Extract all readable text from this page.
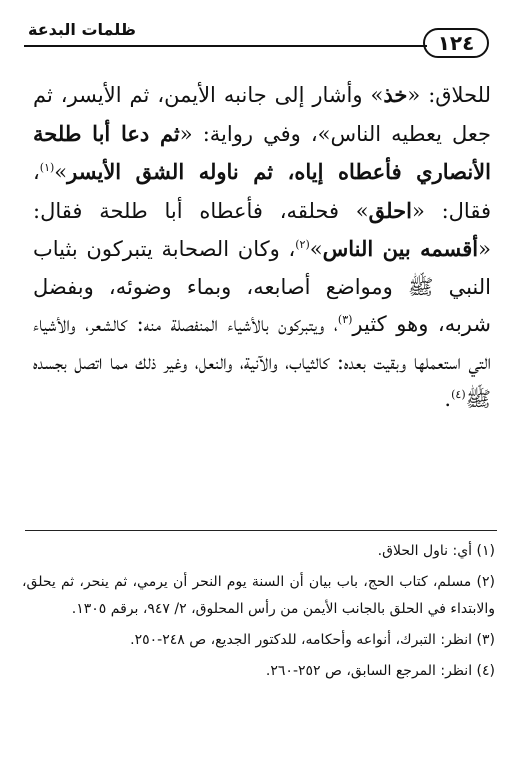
١٢٤
ظلمات البدعة

للحلاق: «خذ» وأشار إلى جانبه الأيمن، ثم الأيسر، ثم جعل يعطيه الناس»، وفي رواية: «ثم دعا أبا طلحة الأنصاري فأعطاه إياه، ثم ناوله الشق الأيسر»$^{(١)}$، فقال: «احلق» فحلقه، فأعطاه أبا طلحة فقال: «أقسمه بين الناس»$^{(٢)}$، وكان الصحابة يتبركون بثياب النبي ﷺ ومواضع أصابعه، وبماء وضوئه، وبفضل شربه، وهو كثير$^{(٣)}$، ويتبركون بالأشياء المنفصلة منه: كالشعر، والأشياء التي استعملها وبقيت بعده: كالثياب، والآنية، والنعل، وغير ذلك مما اتصل بجسده ﷺ$^{(٤)}$.

(١) أي: ناول الحلاق.

(٢) مسلم، كتاب الحج، باب بيان أن السنة يوم النحر أن يرمي، ثم ينحر، ثم يحلق، والابتداء في الحلق بالجانب الأيمن من رأس المحلوق، ٢/ ٩٤٧، برقم ١٣٠٥.

(٣) انظر: التبرك، أنواعه وأحكامه، للدكتور الجديع، ص ٢٤٨-٢٥٠.

(٤) انظر: المرجع السابق، ص ٢٥٢-٢٦٠.
